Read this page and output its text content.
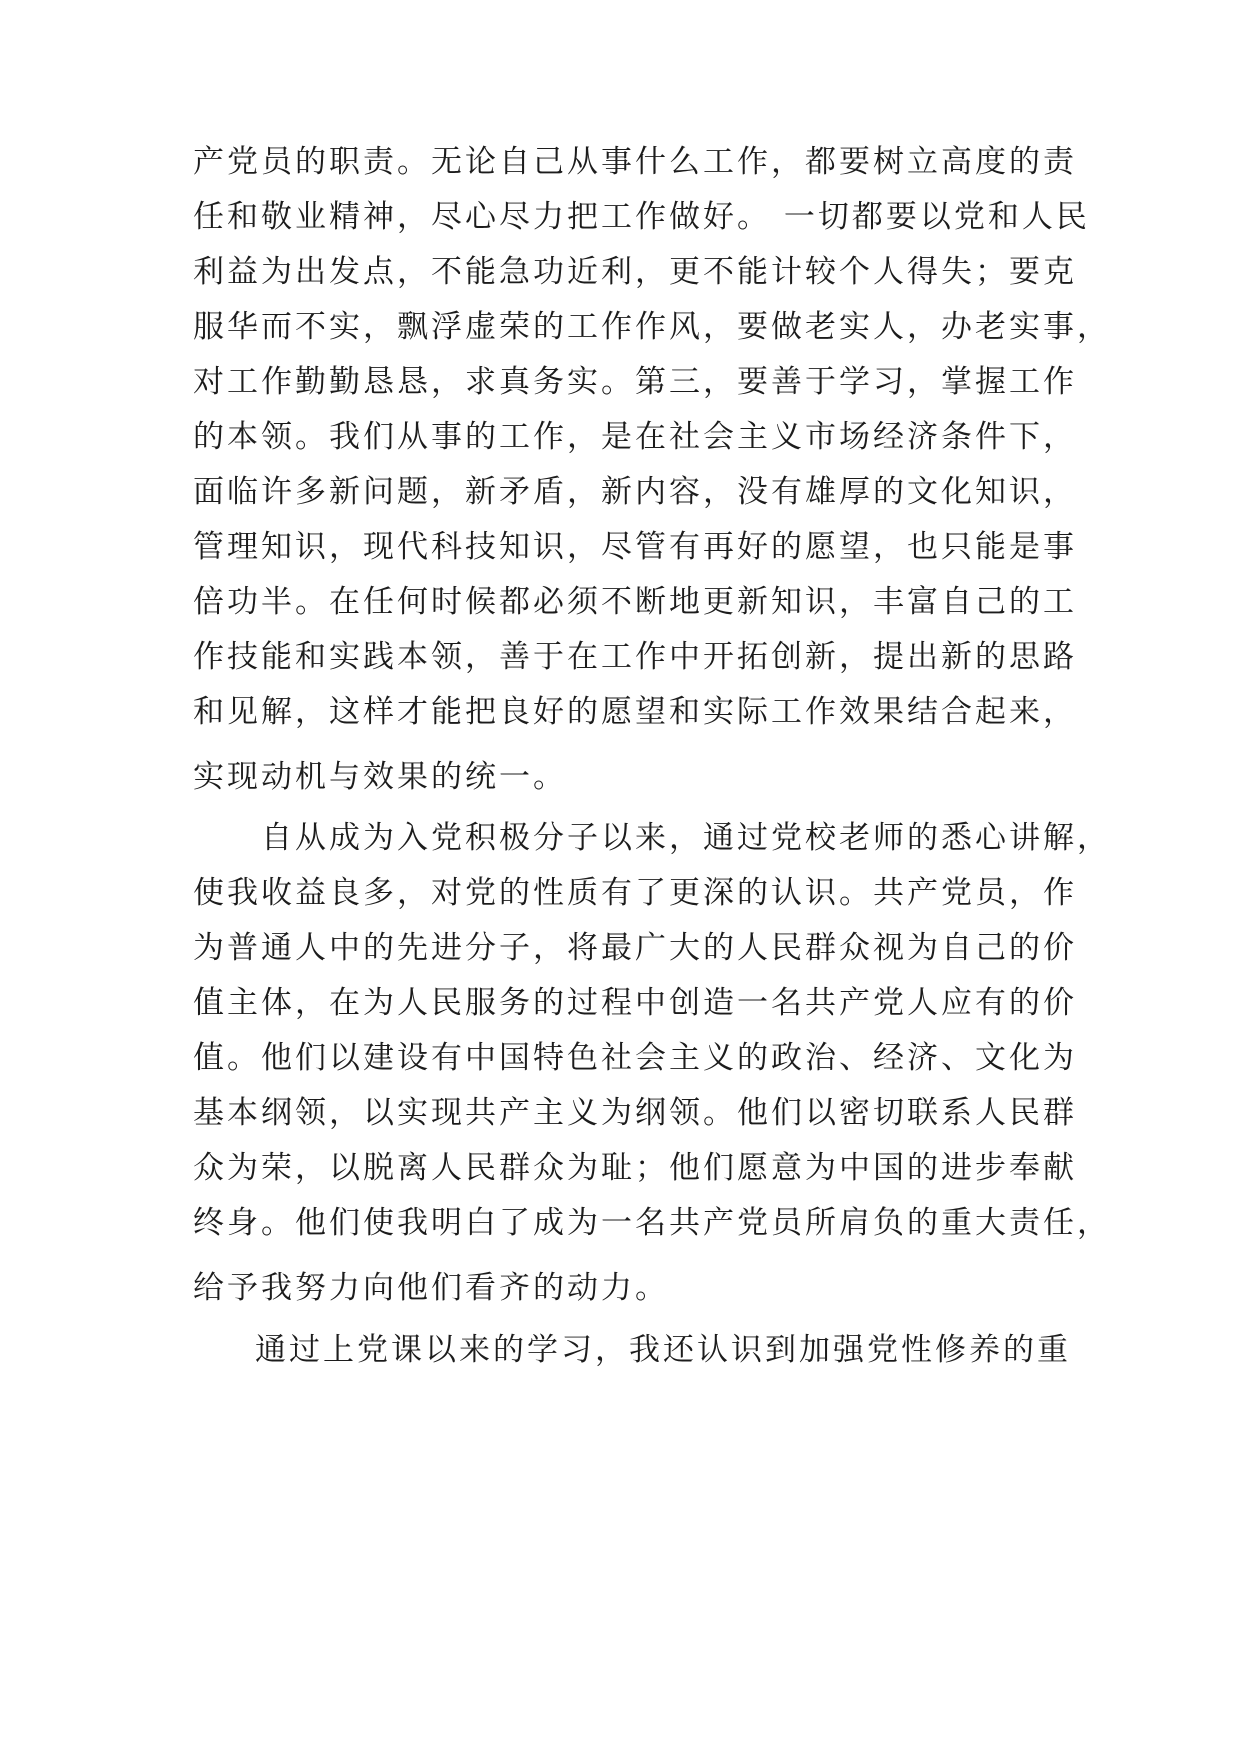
产党员的职责。无论自己从事什么工作，都要树立高度的责
任和敬业精神，尽心尽力把工作做好。 一切都要以党和人民
利益为出发点，不能急功近利，更不能计较个人得失；要克
服华而不实，飘浮虚荣的工作作风，要做老实人，办老实事，
对工作勤勤恳恳，求真务实。第三，要善于学习，掌握工作
的本领。我们从事的工作，是在社会主义市场经济条件下，
面临许多新问题，新矛盾，新内容，没有雄厚的文化知识，
管理知识，现代科技知识，尽管有再好的愿望，也只能是事
倍功半。在任何时候都必须不断地更新知识，丰富自己的工
作技能和实践本领，善于在工作中开拓创新，提出新的思路
和见解，这样才能把良好的愿望和实际工作效果结合起来，
实现动机与效果的统一。
自从成为入党积极分子以来，通过党校老师的悉心讲解，
使我收益良多，对党的性质有了更深的认识。共产党员，作
为普通人中的先进分子，将最广大的人民群众视为自己的价
值主体，在为人民服务的过程中创造一名共产党人应有的价
值。他们以建设有中国特色社会主义的政治、经济、文化为
基本纲领，以实现共产主义为纲领。他们以密切联系人民群
众为荣，以脱离人民群众为耻；他们愿意为中国的进步奉献
终身。他们使我明白了成为一名共产党员所肩负的重大责任，
给予我努力向他们看齐的动力。
通过上党课以来的学习，我还认识到加强党性修养的重
